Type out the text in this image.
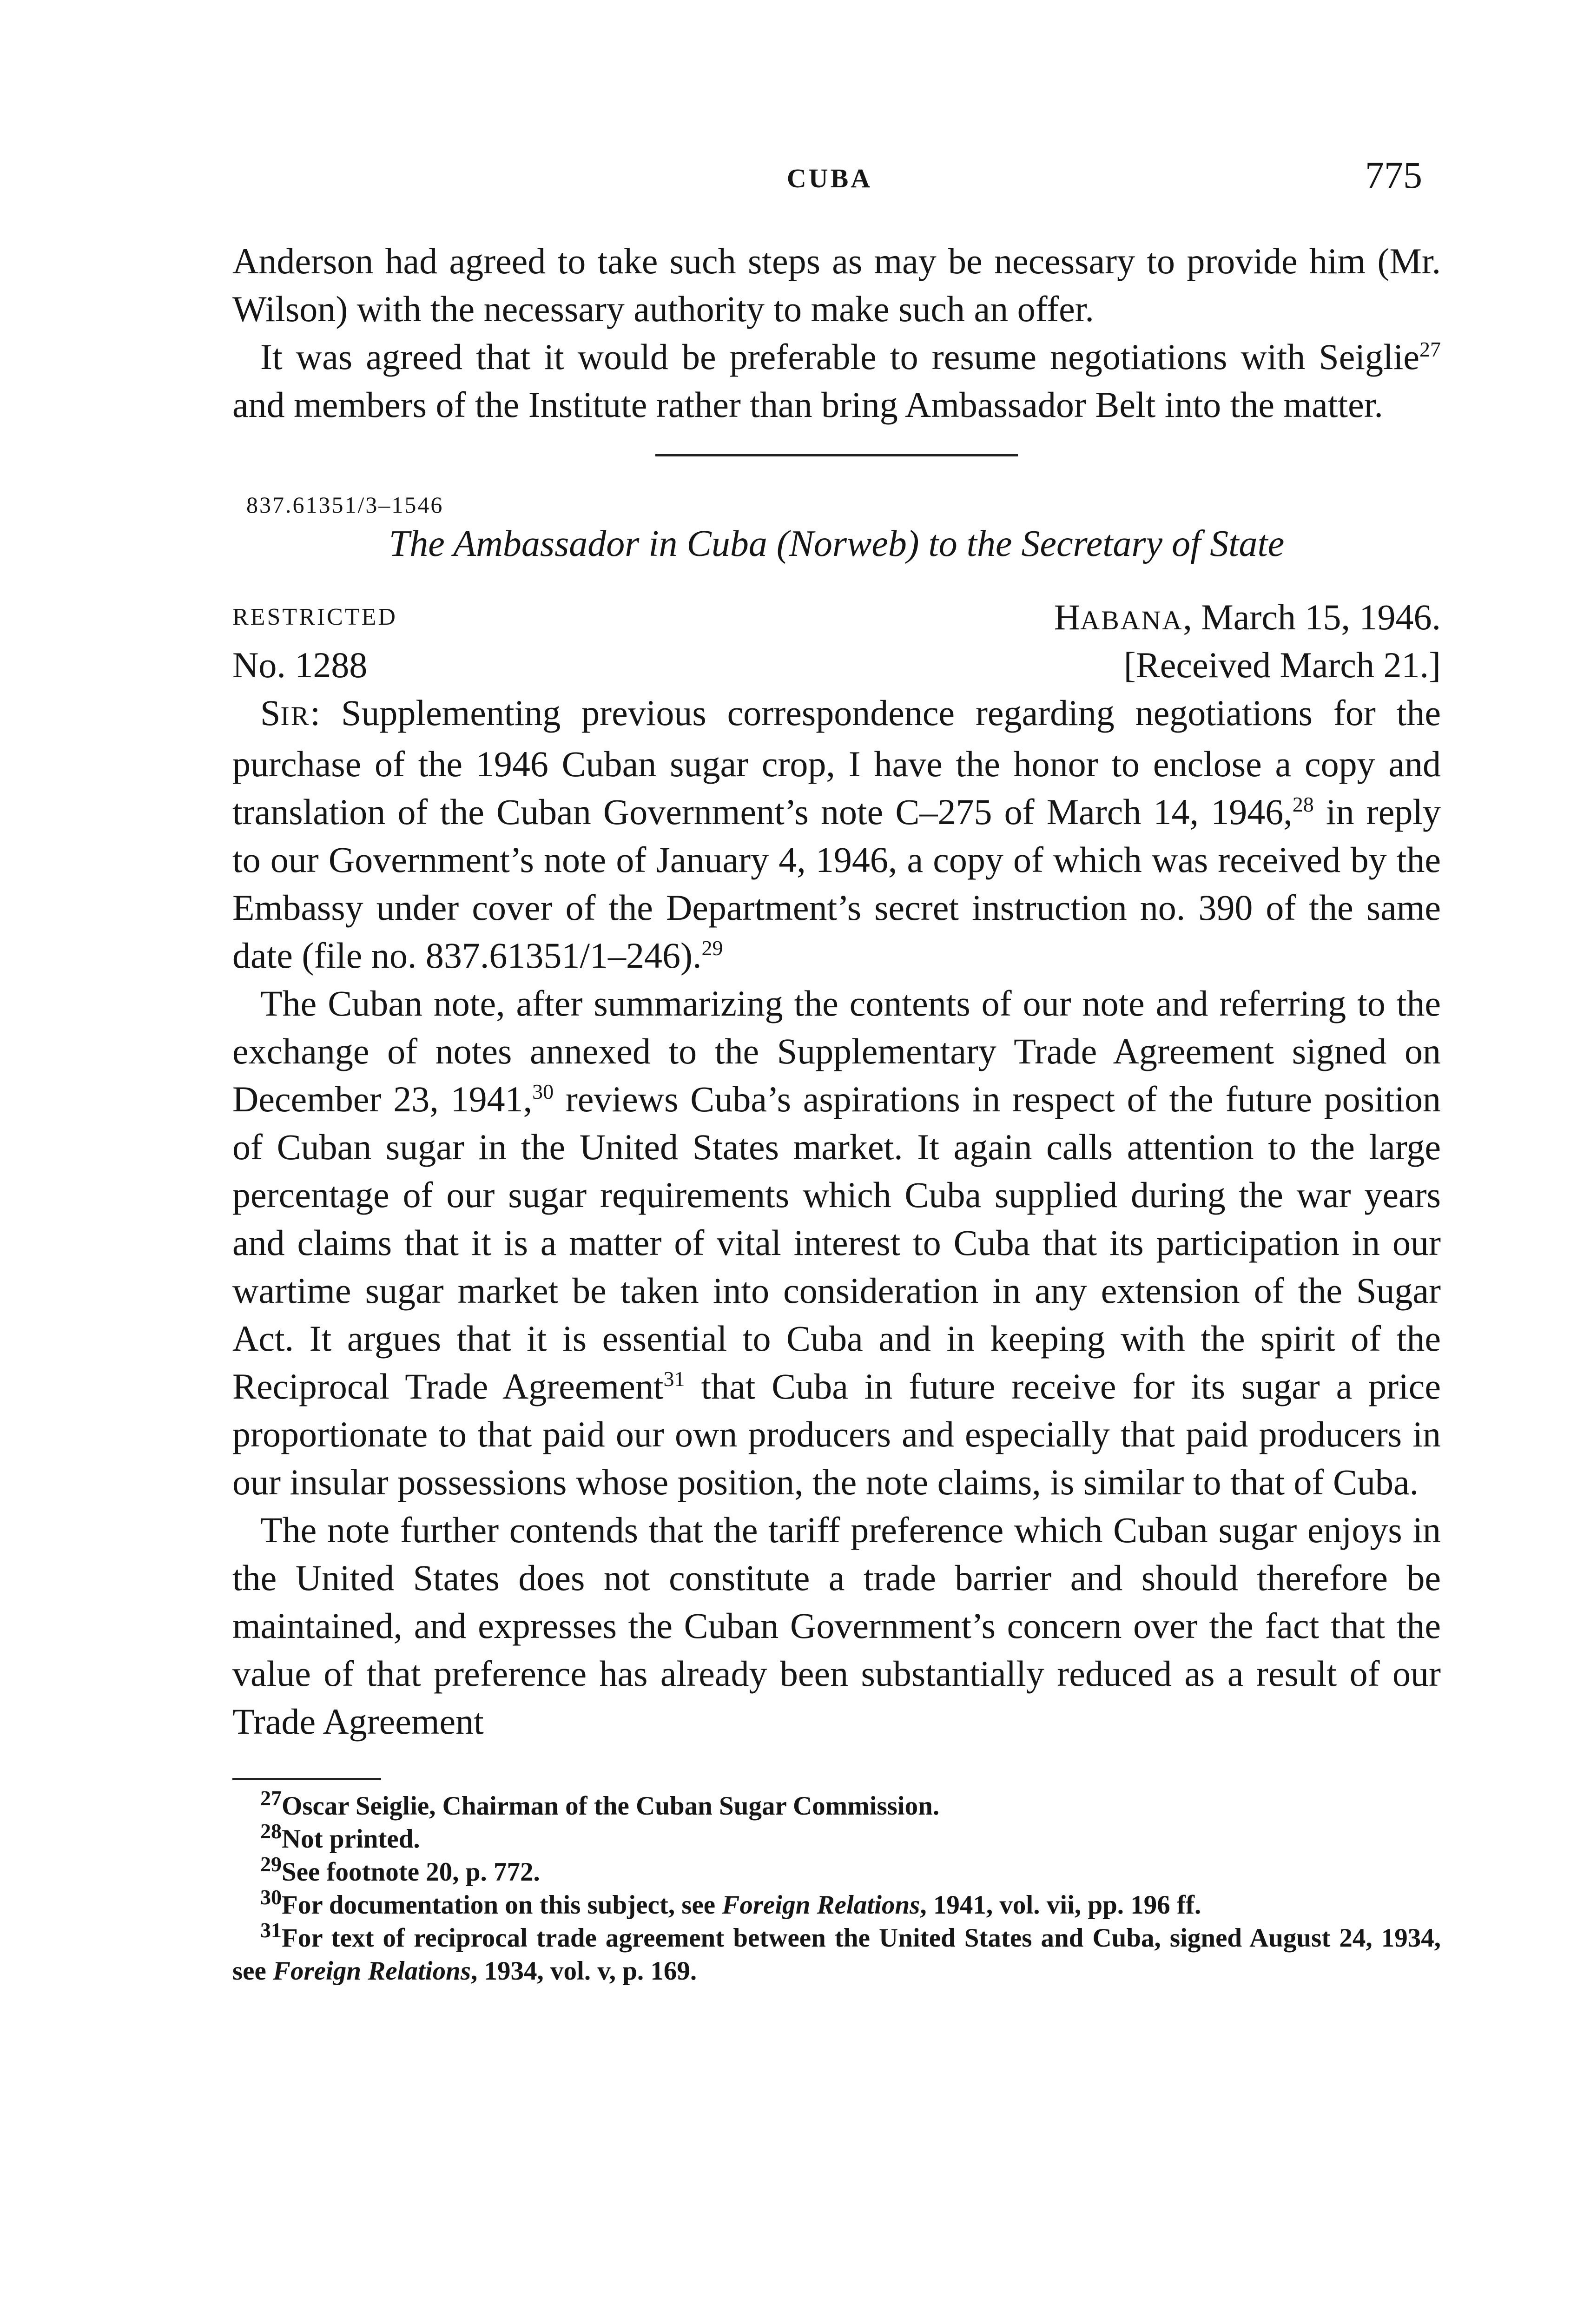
CUBA	775

Anderson had agreed to take such steps as may be necessary to provide him (Mr. Wilson) with the necessary authority to make such an offer.

It was agreed that it would be preferable to resume negotiations with Seiglie$^{27}$ and members of the Institute rather than bring Ambassador Belt into the matter.

837.61351/3–1546
The Ambassador in Cuba (Norweb) to the Secretary of State
RESTRICTED	HABANA, March 15, 1946.
No. 1288	[Received March 21.]

SIR: Supplementing previous correspondence regarding negotiations for the purchase of the 1946 Cuban sugar crop, I have the honor to enclose a copy and translation of the Cuban Government’s note C–275 of March 14, 1946,28 in reply to our Government’s note of January 4, 1946, a copy of which was received by the Embassy under cover of the Department’s secret instruction no. 390 of the same date (file no. 837.61351/1–246).$^{29}$

The Cuban note, after summarizing the contents of our note and referring to the exchange of notes annexed to the Supplementary Trade Agreement signed on December 23, 1941,30 reviews Cuba’s aspirations in respect of the future position of Cuban sugar in the United States market. It again calls attention to the large percentage of our sugar requirements which Cuba supplied during the war years and claims that it is a matter of vital interest to Cuba that its participation in our wartime sugar market be taken into consideration in any extension of the Sugar Act. It argues that it is essential to Cuba and in keeping with the spirit of the Reciprocal Trade Agreement$^{31}$ that Cuba in future receive for its sugar a price proportionate to that paid our own producers and especially that paid producers in our insular possessions whose position, the note claims, is similar to that of Cuba.

The note further contends that the tariff preference which Cuban sugar enjoys in the United States does not constitute a trade barrier and should therefore be maintained, and expresses the Cuban Government’s concern over the fact that the value of that preference has already been substantially reduced as a result of our Trade Agreement

$^{27}$Oscar Seiglie, Chairman of the Cuban Sugar Commission.

$^{28}$Not printed.

$^{29}$See footnote 20, p. 772.

$^{30}$For documentation on this subject, see Foreign Relations, 1941, vol. vii, pp. 196 ff.

$^{31}$For text of reciprocal trade agreement between the United States and Cuba, signed August 24, 1934, see Foreign Relations, 1934, vol. v, p. 169.
